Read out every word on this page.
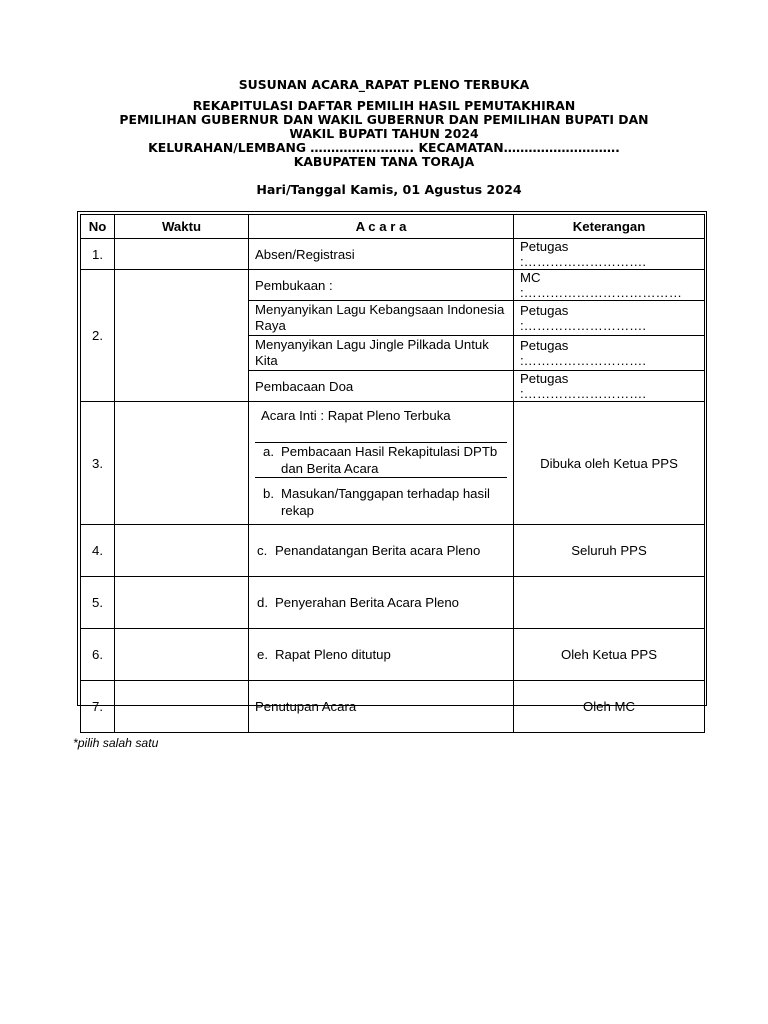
SUSUNAN ACARA_RAPAT PLENO TERBUKA
REKAPITULASI DAFTAR PEMILIH HASIL PEMUTAKHIRAN
PEMILIHAN GUBERNUR DAN WAKIL GUBERNUR DAN PEMILIHAN BUPATI DAN
WAKIL BUPATI TAHUN 2024
KELURAHAN/LEMBANG ……………………. KECAMATAN……………………….
KABUPATEN TANA TORAJA
Hari/Tanggal Kamis, 01 Agustus 2024
No	Waktu	A c a r a	Keterangan
1.		Absen/Registrasi	Petugas :……………………….
2.		Pembukaan :	MC :………………………………
		Menyanyikan Lagu Kebangsaan Indonesia Raya	Petugas :……………………….
		Menyanyikan Lagu Jingle Pilkada Untuk Kita	Petugas :……………………….
		Pembacaan Doa	Petugas :……………………….
3.		Acara Inti : Rapat Pleno Terbuka
a. Pembacaan Hasil Rekapitulasi DPTb dan Berita Acara
b. Masukan/Tanggapan terhadap hasil rekap	Dibuka oleh Ketua PPS
4.		c. Penandatangan Berita acara Pleno	Seluruh PPS
5.		d. Penyerahan Berita Acara Pleno	

6.		e. Rapat Pleno ditutup	Oleh Ketua PPS
7.		Penutupan Acara	Oleh MC
*pilih salah satu
